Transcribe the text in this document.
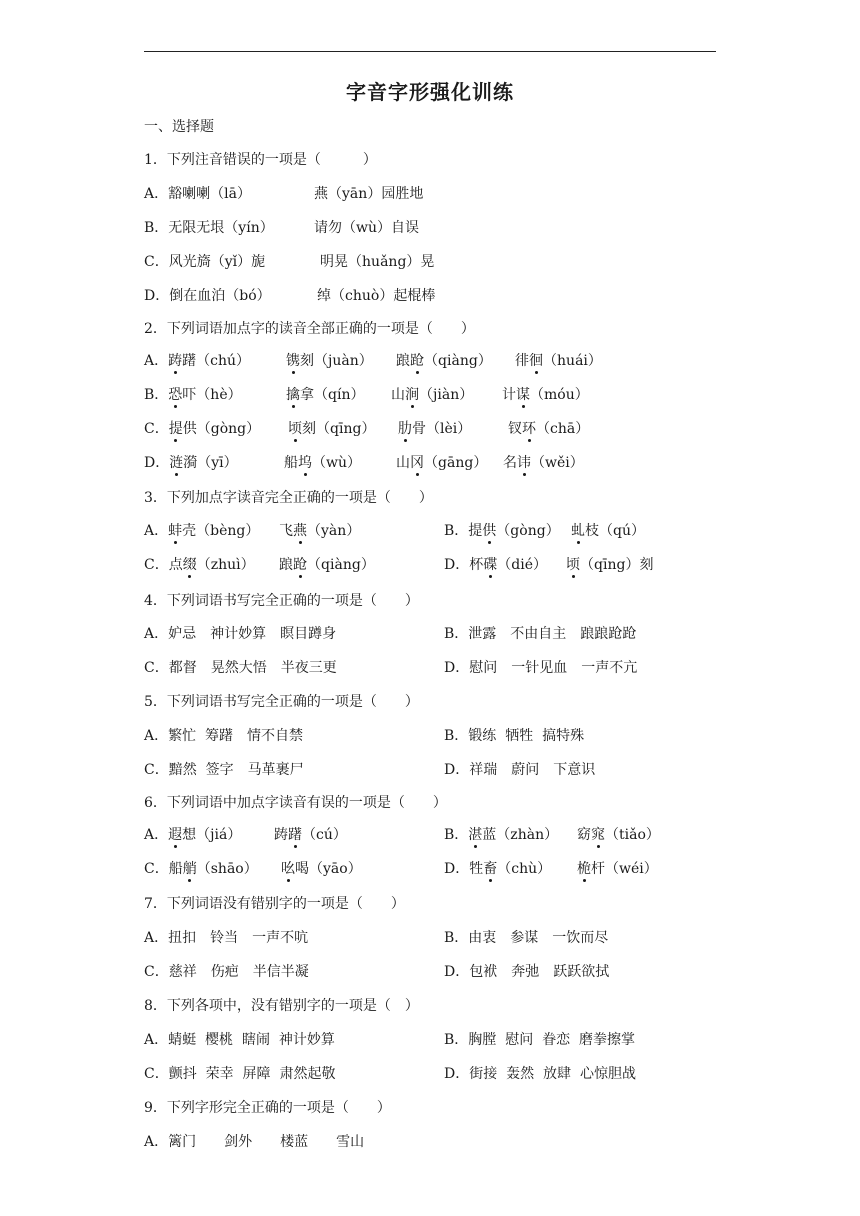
字音字形强化训练
一、选择题
1．下列注音错误的一项是（　　　	）
A．豁喇喇（lā）	燕（yān）园胜地
B．无限无垠（yín）	请勿（wù）自误
C．风光旖（yǐ）旎	明晃（huǎng）晃
D．倒在血泊（bó）	绰（chuò）起棍棒
2．下列词语加点字的读音全部正确的一项是（　　 ）
A．踌躇（chú）	镌刻（juàn） 踉跄（qiàng） 徘徊（huái）
B．恐吓（hè）	擒拿（qín） 山涧（jiàn） 计谋（móu）
C．提供（gòng） 顷刻（qīng） 肋骨（lèi）	钗环（chā）
D．涟漪（yī）	船坞（wù） 山冈（gāng） 名讳（wěi）
3．下列加点字读音完全正确的一项是（　　 ）
A．蚌壳（bèng） 飞燕（yàn）	B．提供（gòng） 虬枝（qú）
C．点缀（zhuì） 踉跄（qiàng）	D．杯碟（dié） 顷（qīng）刻
4．下列词语书写完全正确的一项是（　　 ）
A．妒忌　 神计妙算　 瞑目蹲身	B．泄露　 不由自主　 踉踉跄跄
C．都督　 晃然大悟　 半夜三更	D．慰问　 一针见血　 一声不亢
5．下列词语书写完全正确的一项是（　　 ）
A．繁忙 筹躇　 情不自禁	B．锻练 牺牲 搞特殊
C．黯然 签字　 马革裹尸	D．祥瑞　 蔚问　 下意识
6．下列词语中加点字读音有误的一项是（　　 ）
A．遐想（jiá） 踌躇（cú）	B．湛蓝（zhàn） 窈窕（tiǎo）
C．船艄（shāo） 吆喝（yāo）	D．牲畜（chù） 桅杆（wéi）
7．下列词语没有错别字的一项是（　　 ）
A．扭扣　 铃当　 一声不吭	B．由衷　 参谋　 一饮而尽
C．慈祥　 伤疤　 半信半凝	D．包袱　 奔弛　 跃跃欲拭
8．下列各项中，没有错别字的一项是（　 ）
A．蜻蜓 樱桃 瞎闹 神计妙算	B．胸膛 慰问 眷恋 磨拳擦掌
C．颤抖 荣幸 屏障 肃然起敬	D．街接 轰然 放肆 心惊胆战
9．下列字形完全正确的一项是（　　 ）
A．篱门　　 剑外　　 楼蓝　　 雪山
